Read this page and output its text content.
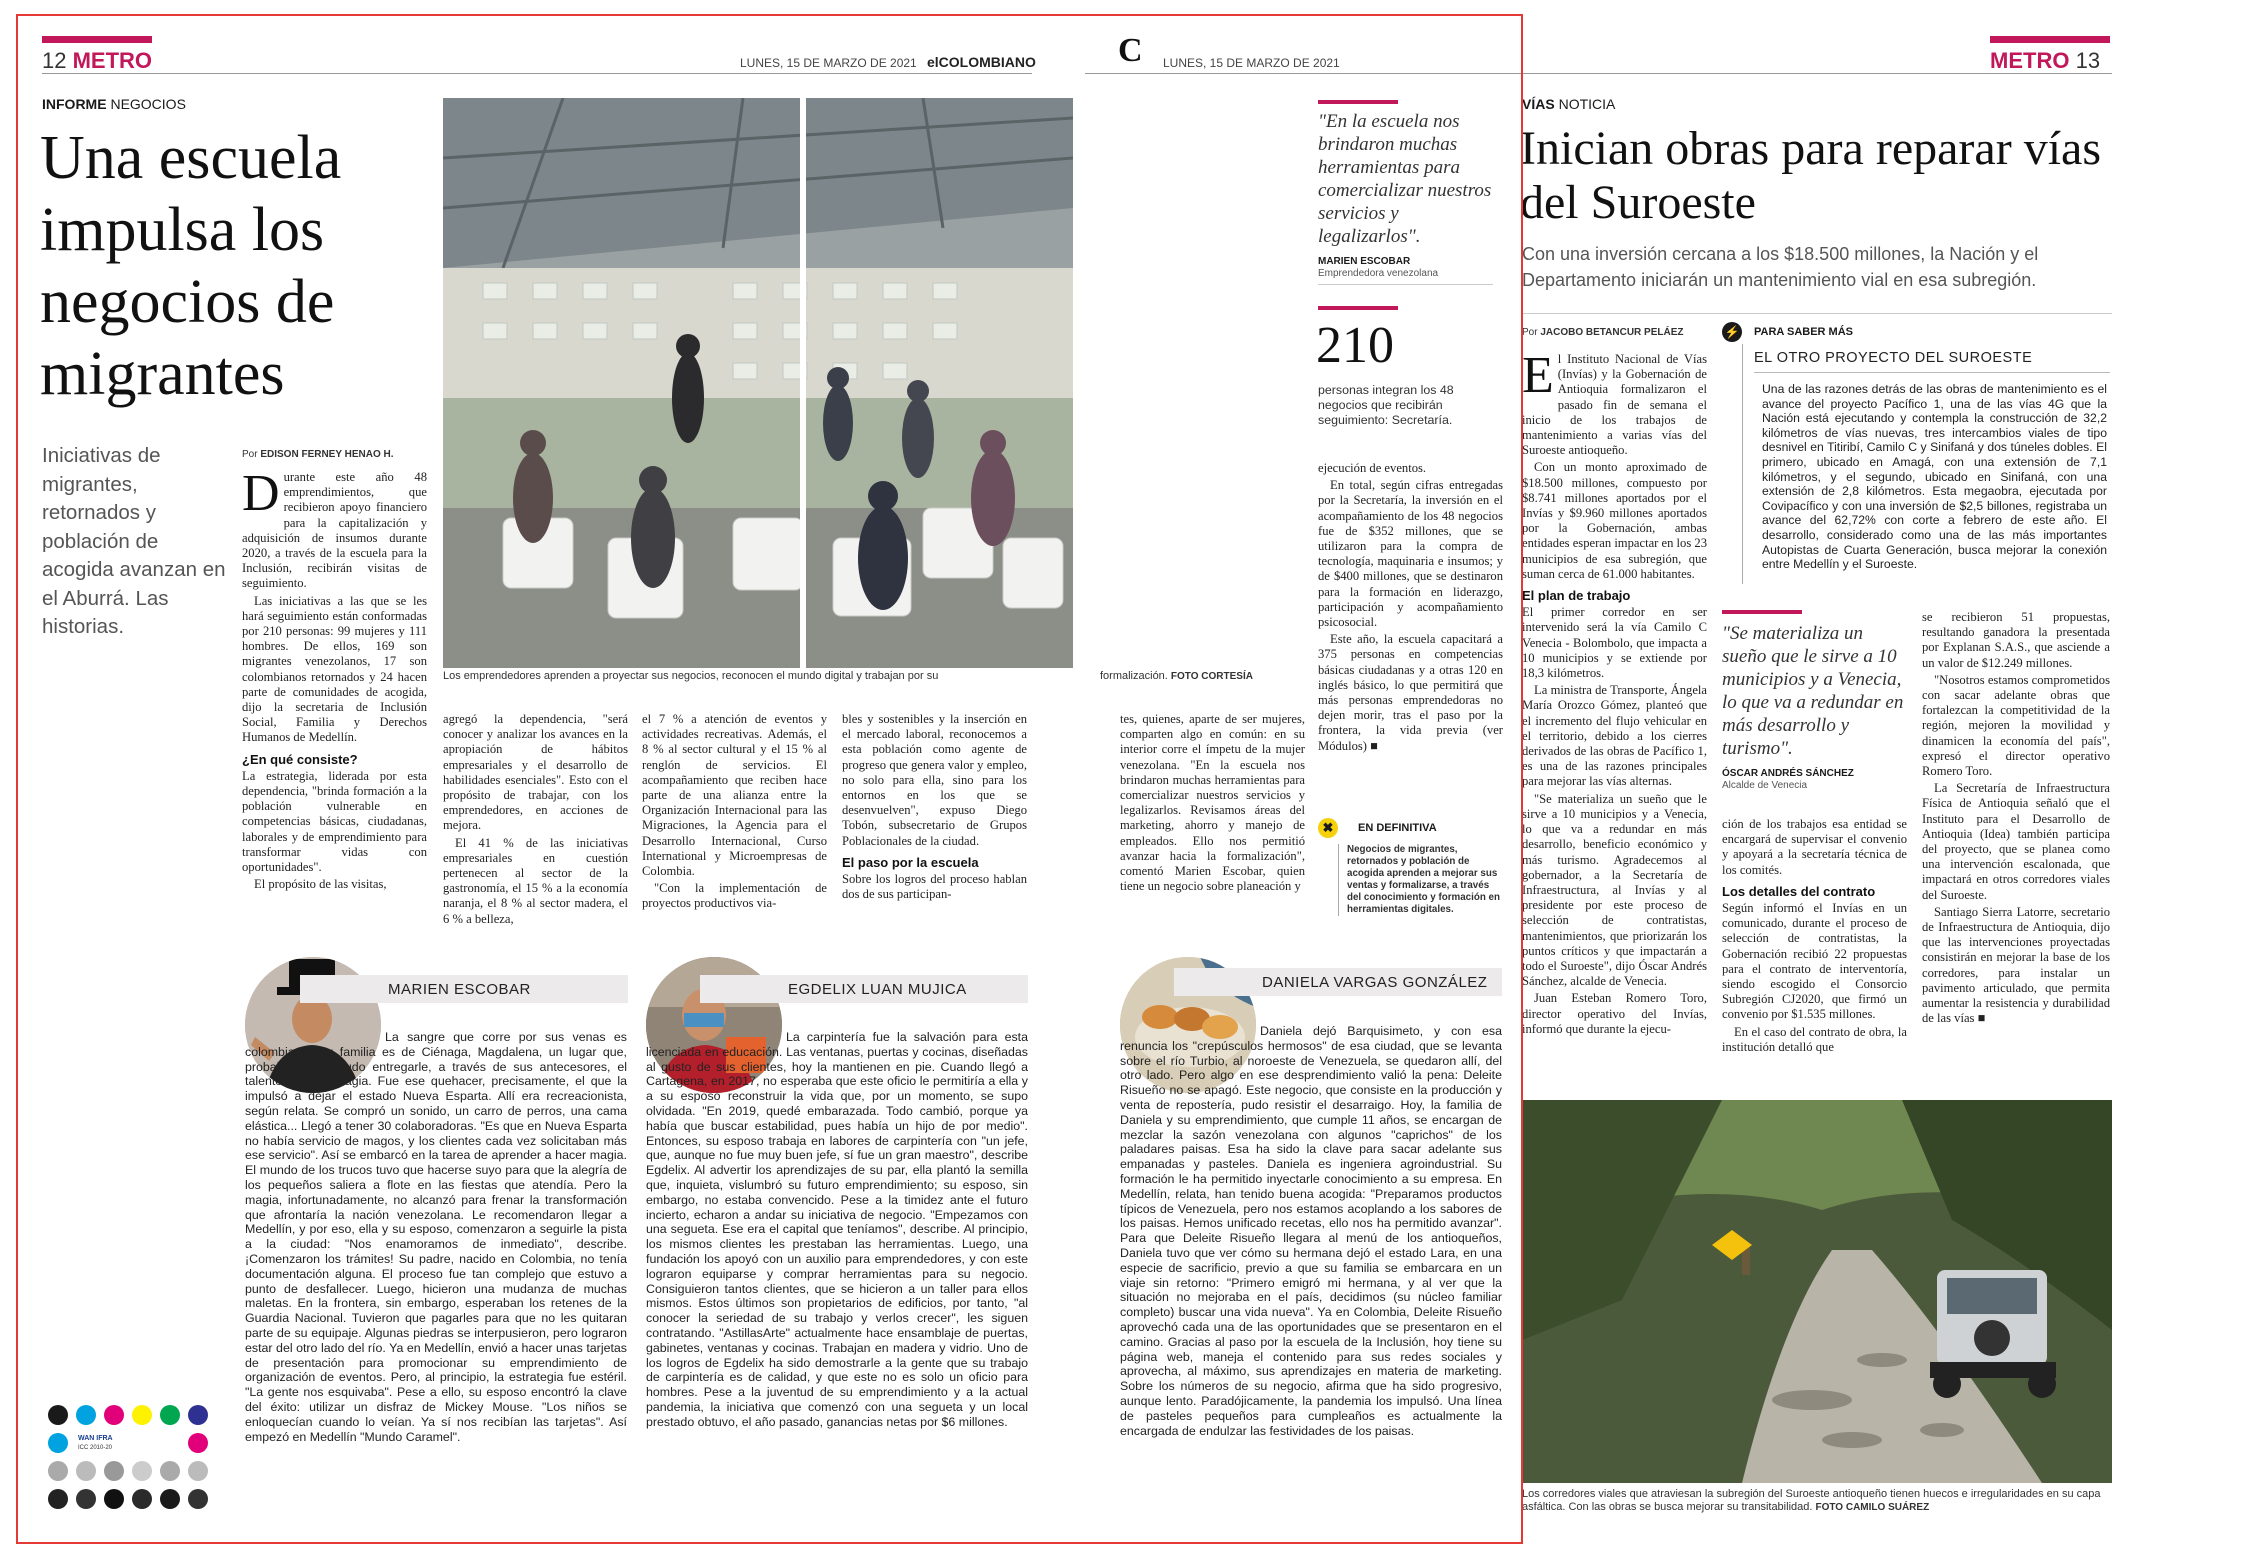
12 METRO	LUNES, 15 DE MARZO DE 2021 elCOLOMBIANO C LUNES, 15 DE MARZO DE 2021	METRO 13
INFORME NEGOCIOS
Una escuela impulsa los negocios de migrantes
Iniciativas de migrantes, retornados y población de acogida avanzan en el Aburrá. Las historias.
Los emprendedores aprenden a proyectar sus negocios, reconocen el mundo digital y trabajan por su	formalización. FOTO CORTESÍA
Por EDISON FERNEY HENAO H.

Durante este año 48 emprendimientos, que recibieron apoyo financiero para la capitalización y adquisición de insumos durante 2020, a través de la escuela para la Inclusión, recibirán visitas de seguimiento.

Las iniciativas a las que se les hará seguimiento están conformadas por 210 personas: 99 mujeres y 111 hombres. De ellos, 169 son migrantes venezolanos, 17 son colombianos retornados y 24 hacen parte de comunidades de acogida, dijo la secretaria de Inclusión Social, Familia y Derechos Humanos de Medellín.

¿En qué consiste?

La estrategia, liderada por esta dependencia, "brinda formación a la población vulnerable en competencias básicas, ciudadanas, laborales y de emprendimiento para transformar vidas con oportunidades".

El propósito de las visitas,

agregó la dependencia, "será conocer y analizar los avances en la apropiación de hábitos empresariales y el desarrollo de habilidades esenciales". Esto con el propósito de trabajar, con los emprendedores, en acciones de mejora.

El 41 % de las iniciativas empresariales en cuestión pertenecen al sector de la gastronomía, el 15 % a la economía naranja, el 8 % al sector madera, el 6 % a belleza,

el 7 % a atención de eventos y actividades recreativas. Además, el 8 % al sector cultural y el 15 % al renglón de servicios. El acompañamiento que reciben hace parte de una alianza entre la Organización Internacional para las Migraciones, la Agencia para el Desarrollo Internacional, Curso International y Microempresas de Colombia.

"Con la implementación de proyectos productivos via-

bles y sostenibles y la inserción en el mercado laboral, reconocemos a esta población como agente de progreso que genera valor y empleo, no solo para ella, sino para los entornos en los que se desenvuelven", expuso Diego Tobón, subsecretario de Grupos Poblacionales de la ciudad.

El paso por la escuela

Sobre los logros del proceso hablan dos de sus participan-

tes, quienes, aparte de ser mujeres, comparten algo en común: en su interior corre el ímpetu de la mujer venezolana. "En la escuela nos brindaron muchas herramientas para comercializar nuestros servicios y legalizarlos. Revisamos áreas del marketing, ahorro y manejo de empleados. Ello nos permitió avanzar hacia la formalización", comentó Marien Escobar, quien tiene un negocio sobre planeación y

"En la escuela nos brindaron muchas herramientas para comercializar nuestros servicios y legalizarlos".
MARIEN ESCOBAR
Emprendedora venezolana
210
personas integran los 48 negocios que recibirán seguimiento: Secretaría.

ejecución de eventos.

En total, según cifras entregadas por la Secretaría, la inversión en el acompañamiento de los 48 negocios fue de $352 millones, que se utilizaron para la compra de tecnología, maquinaria e insumos; y de $400 millones, que se destinaron para la formación en liderazgo, participación y acompañamiento psicosocial.

Este año, la escuela capacitará a 375 personas en competencias básicas ciudadanas y a otras 120 en inglés básico, lo que permitirá que más personas emprendedoras no dejen morir, tras el paso por la frontera, la vida previa (ver Módulos) ■

✖	EN DEFINITIVA
Negocios de migrantes, retornados y población de acogida aprenden a mejorar sus ventas y formalizarse, a través del conocimiento y formación en herramientas digitales.
MARIEN ESCOBAR
La sangre que corre por sus venas es colombiana. Su familia es de Ciénaga, Magdalena, un lugar que, probablemente, pudo entregarle, a través de sus antecesores, el talento para la magia. Fue ese quehacer, precisamente, el que la impulsó a dejar el estado Nueva Esparta. Allí era recreacionista, según relata. Se compró un sonido, un carro de perros, una cama elástica... Llegó a tener 30 colaboradoras. "Es que en Nueva Esparta no había servicio de magos, y los clientes cada vez solicitaban más ese servicio". Así se embarcó en la tarea de aprender a hacer magia. El mundo de los trucos tuvo que hacerse suyo para que la alegría de los pequeños saliera a flote en las fiestas que atendía. Pero la magia, infortunadamente, no alcanzó para frenar la transformación que afrontaría la nación venezolana. Le recomendaron llegar a Medellín, y por eso, ella y su esposo, comenzaron a seguirle la pista a la ciudad: "Nos enamoramos de inmediato", describe. ¡Comenzaron los trámites! Su padre, nacido en Colombia, no tenía documentación alguna. El proceso fue tan complejo que estuvo a punto de desfallecer. Luego, hicieron una mudanza de muchas maletas. En la frontera, sin embargo, esperaban los retenes de la Guardia Nacional. Tuvieron que pagarles para que no les quitaran parte de su equipaje. Algunas piedras se interpusieron, pero lograron estar del otro lado del río. Ya en Medellín, envió a hacer unas tarjetas de presentación para promocionar su emprendimiento de organización de eventos. Pero, al principio, la estrategia fue estéril. "La gente nos esquivaba". Pese a ello, su esposo encontró la clave del éxito: utilizar un disfraz de Mickey Mouse. "Los niños se enloquecían cuando lo veían. Ya sí nos recibían las tarjetas". Así empezó en Medellín "Mundo Caramel".
EGDELIX LUAN MUJICA
La carpintería fue la salvación para esta licenciada en educación. Las ventanas, puertas y cocinas, diseñadas al gusto de sus clientes, hoy la mantienen en pie. Cuando llegó a Cartagena, en 2017, no esperaba que este oficio le permitiría a ella y a su esposo reconstruir la vida que, por un momento, se supo olvidada. "En 2019, quedé embarazada. Todo cambió, porque ya había que buscar estabilidad, pues había un hijo de por medio". Entonces, su esposo trabaja en labores de carpintería con "un jefe, que, aunque no fue muy buen jefe, sí fue un gran maestro", describe Egdelix. Al advertir los aprendizajes de su par, ella plantó la semilla que, inquieta, vislumbró su futuro emprendimiento; su esposo, sin embargo, no estaba convencido. Pese a la timidez ante el futuro incierto, echaron a andar su iniciativa de negocio. "Empezamos con una segueta. Ese era el capital que teníamos", describe. Al principio, los mismos clientes les prestaban las herramientas. Luego, una fundación los apoyó con un auxilio para emprendedores, y con este lograron equiparse y comprar herramientas para su negocio. Consiguieron tantos clientes, que se hicieron a un taller para ellos mismos. Estos últimos son propietarios de edificios, por tanto, "al conocer la seriedad de su trabajo y verlos crecer", les siguen contratando. "AstillasArte" actualmente hace ensamblaje de puertas, gabinetes, ventanas y cocinas. Trabajan en madera y vidrio. Uno de los logros de Egdelix ha sido demostrarle a la gente que su trabajo de carpintería es de calidad, y que este no es solo un oficio para hombres. Pese a la juventud de su emprendimiento y a la actual pandemia, la iniciativa que comenzó con una segueta y un local prestado obtuvo, el año pasado, ganancias netas por $6 millones.
DANIELA VARGAS GONZÁLEZ
Daniela dejó Barquisimeto, y con esa renuncia los "crepúsculos hermosos" de esa ciudad, que se levanta sobre el río Turbio, al noroeste de Venezuela, se quedaron allí, del otro lado. Pero algo en ese desprendimiento valió la pena: Deleite Risueño no se apagó. Este negocio, que consiste en la producción y venta de repostería, pudo resistir el desarraigo. Hoy, la familia de Daniela y su emprendimiento, que cumple 11 años, se encargan de mezclar la sazón venezolana con algunos "caprichos" de los paladares paisas. Esa ha sido la clave para sacar adelante sus empanadas y pasteles. Daniela es ingeniera agroindustrial. Su formación le ha permitido inyectarle conocimiento a su empresa. En Medellín, relata, han tenido buena acogida: "Preparamos productos típicos de Venezuela, pero nos estamos acoplando a los sabores de los paisas. Hemos unificado recetas, ello nos ha permitido avanzar". Para que Deleite Risueño llegara al menú de los antioqueños, Daniela tuvo que ver cómo su hermana dejó el estado Lara, en una especie de sacrificio, previo a que su familia se embarcara en un viaje sin retorno: "Primero emigró mi hermana, y al ver que la situación no mejoraba en el país, decidimos (su núcleo familiar completo) buscar una vida nueva". Ya en Colombia, Deleite Risueño aprovechó cada una de las oportunidades que se presentaron en el camino. Gracias al paso por la escuela de la Inclusión, hoy tiene su página web, maneja el contenido para sus redes sociales y aprovecha, al máximo, sus aprendizajes en materia de marketing. Sobre los números de su negocio, afirma que ha sido progresivo, aunque lento. Paradójicamente, la pandemia los impulsó. Una línea de pasteles pequeños para cumpleaños es actualmente la encargada de endulzar las festividades de los paisas.
WAN IFRA
ICC 2010-20
VÍAS NOTICIA
Inician obras para reparar vías del Suroeste
Con una inversión cercana a los $18.500 millones, la Nación y el Departamento iniciarán un mantenimiento vial en esa subregión.
Por JACOBO BETANCUR PELÁEZ

El Instituto Nacional de Vías (Invías) y la Gobernación de Antioquia formalizaron el pasado fin de semana el inicio de los trabajos de mantenimiento a varias vías del Suroeste antioqueño.

Con un monto aproximado de $18.500 millones, compuesto por $8.741 millones aportados por el Invías y $9.960 millones aportados por la Gobernación, ambas entidades esperan impactar en los 23 municipios de esa subregión, que suman cerca de 61.000 habitantes.

El plan de trabajo

El primer corredor en ser intervenido será la vía Camilo C Venecia - Bolombolo, que impacta a 10 municipios y se extiende por 18,3 kilómetros.

La ministra de Transporte, Ángela María Orozco Gómez, planteó que el incremento del flujo vehicular en el territorio, debido a los cierres derivados de las obras de Pacífico 1, es una de las razones principales para mejorar las vías alternas.

"Se materializa un sueño que le sirve a 10 municipios y a Venecia, lo que va a redundar en más desarrollo, beneficio económico y más turismo. Agradecemos al gobernador, a la Secretaría de Infraestructura, al Invías y al presidente por este proceso de selección de contratistas, mantenimientos, que priorizarán los puntos críticos y que impactarán a todo el Suroeste", dijo Óscar Andrés Sánchez, alcalde de Venecia.

Juan Esteban Romero Toro, director operativo del Invías, informó que durante la ejecu-

⚡ PARA SABER MÁS
EL OTRO PROYECTO DEL SUROESTE
Una de las razones detrás de las obras de mantenimiento es el avance del proyecto Pacífico 1, una de las vías 4G que la Nación está ejecutando y contempla la construcción de 32,2 kilómetros de vías nuevas, tres intercambios viales de tipo desnivel en Titiribí, Camilo C y Sinifaná y dos túneles dobles. El primero, ubicado en Amagá, con una extensión de 7,1 kilómetros, y el segundo, ubicado en Sinifaná, con una extensión de 2,8 kilómetros. Esta megaobra, ejecutada por Covipacífico y con una inversión de $2,5 billones, registraba un avance del 62,72% con corte a febrero de este año. El desarrollo, considerado como una de las más importantes Autopistas de Cuarta Generación, busca mejorar la conexión entre Medellín y el Suroeste.
"Se materializa un sueño que le sirve a 10 municipios y a Venecia, lo que va a redundar en más desarrollo y turismo".
ÓSCAR ANDRÉS SÁNCHEZ
Alcalde de Venecia

ción de los trabajos esa entidad se encargará de supervisar el convenio y apoyará a la secretaría técnica de los comités.

Los detalles del contrato

Según informó el Invías en un comunicado, durante el proceso de selección de contratistas, la Gobernación recibió 22 propuestas para el contrato de interventoría, siendo escogido el Consorcio Subregión CJ2020, que firmó un convenio por $1.535 millones.

En el caso del contrato de obra, la institución detalló que

se recibieron 51 propuestas, resultando ganadora la presentada por Explanan S.A.S., que asciende a un valor de $12.249 millones.

"Nosotros estamos comprometidos con sacar adelante obras que fortalezcan la competitividad de la región, mejoren la movilidad y dinamicen la economía del país", expresó el director operativo Romero Toro.

La Secretaría de Infraestructura Física de Antioquia señaló que el Instituto para el Desarrollo de Antioquia (Idea) también participa del proyecto, que se planea como una intervención escalonada, que impactará en otros corredores viales del Suroeste.

Santiago Sierra Latorre, secretario de Infraestructura de Antioquia, dijo que las intervenciones proyectadas consistirán en mejorar la base de los corredores, para instalar un pavimento articulado, que permita aumentar la resistencia y durabilidad de las vías ■

Los corredores viales que atraviesan la subregión del Suroeste antioqueño tienen huecos e irregularidades en su capa asfáltica. Con las obras se busca mejorar su transitabilidad. FOTO CAMILO SUÁREZ
